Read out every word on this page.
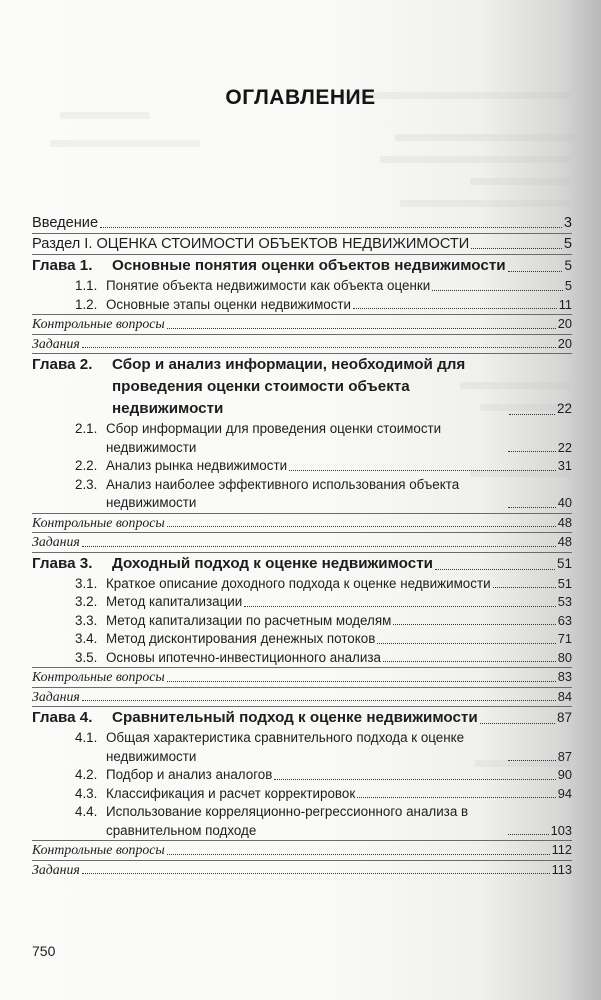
ОГЛАВЛЕНИЕ
Введение	3
Раздел I. ОЦЕНКА СТОИМОСТИ ОБЪЕКТОВ НЕДВИЖИМОСТИ	5
Глава 1.	Основные понятия оценки объектов недвижимости	5
1.1. Понятие объекта недвижимости как объекта оценки	5
1.2. Основные этапы оценки недвижимости	11
Контрольные вопросы	20
Задания	20
Глава 2.	Сбор и анализ информации, необходимой для проведения оценки стоимости объекта недвижимости	22
2.1. Сбор информации для проведения оценки стоимости недвижимости	22
2.2. Анализ рынка недвижимости	31
2.3. Анализ наиболее эффективного использования объекта недвижимости	40
Контрольные вопросы	48
Задания	48
Глава 3.	Доходный подход к оценке недвижимости	51
3.1. Краткое описание доходного подхода к оценке недвижимости	51
3.2. Метод капитализации	53
3.3. Метод капитализации по расчетным моделям	63
3.4. Метод дисконтирования денежных потоков	71
3.5. Основы ипотечно-инвестиционного анализа	80
Контрольные вопросы	83
Задания	84
Глава 4.	Сравнительный подход к оценке недвижимости	87
4.1. Общая характеристика сравнительного подхода к оценке недвижимости	87
4.2. Подбор и анализ аналогов	90
4.3. Классификация и расчет корректировок	94
4.4. Использование корреляционно-регрессионного анализа в сравнительном подходе	103
Контрольные вопросы	112
Задания	113
750
